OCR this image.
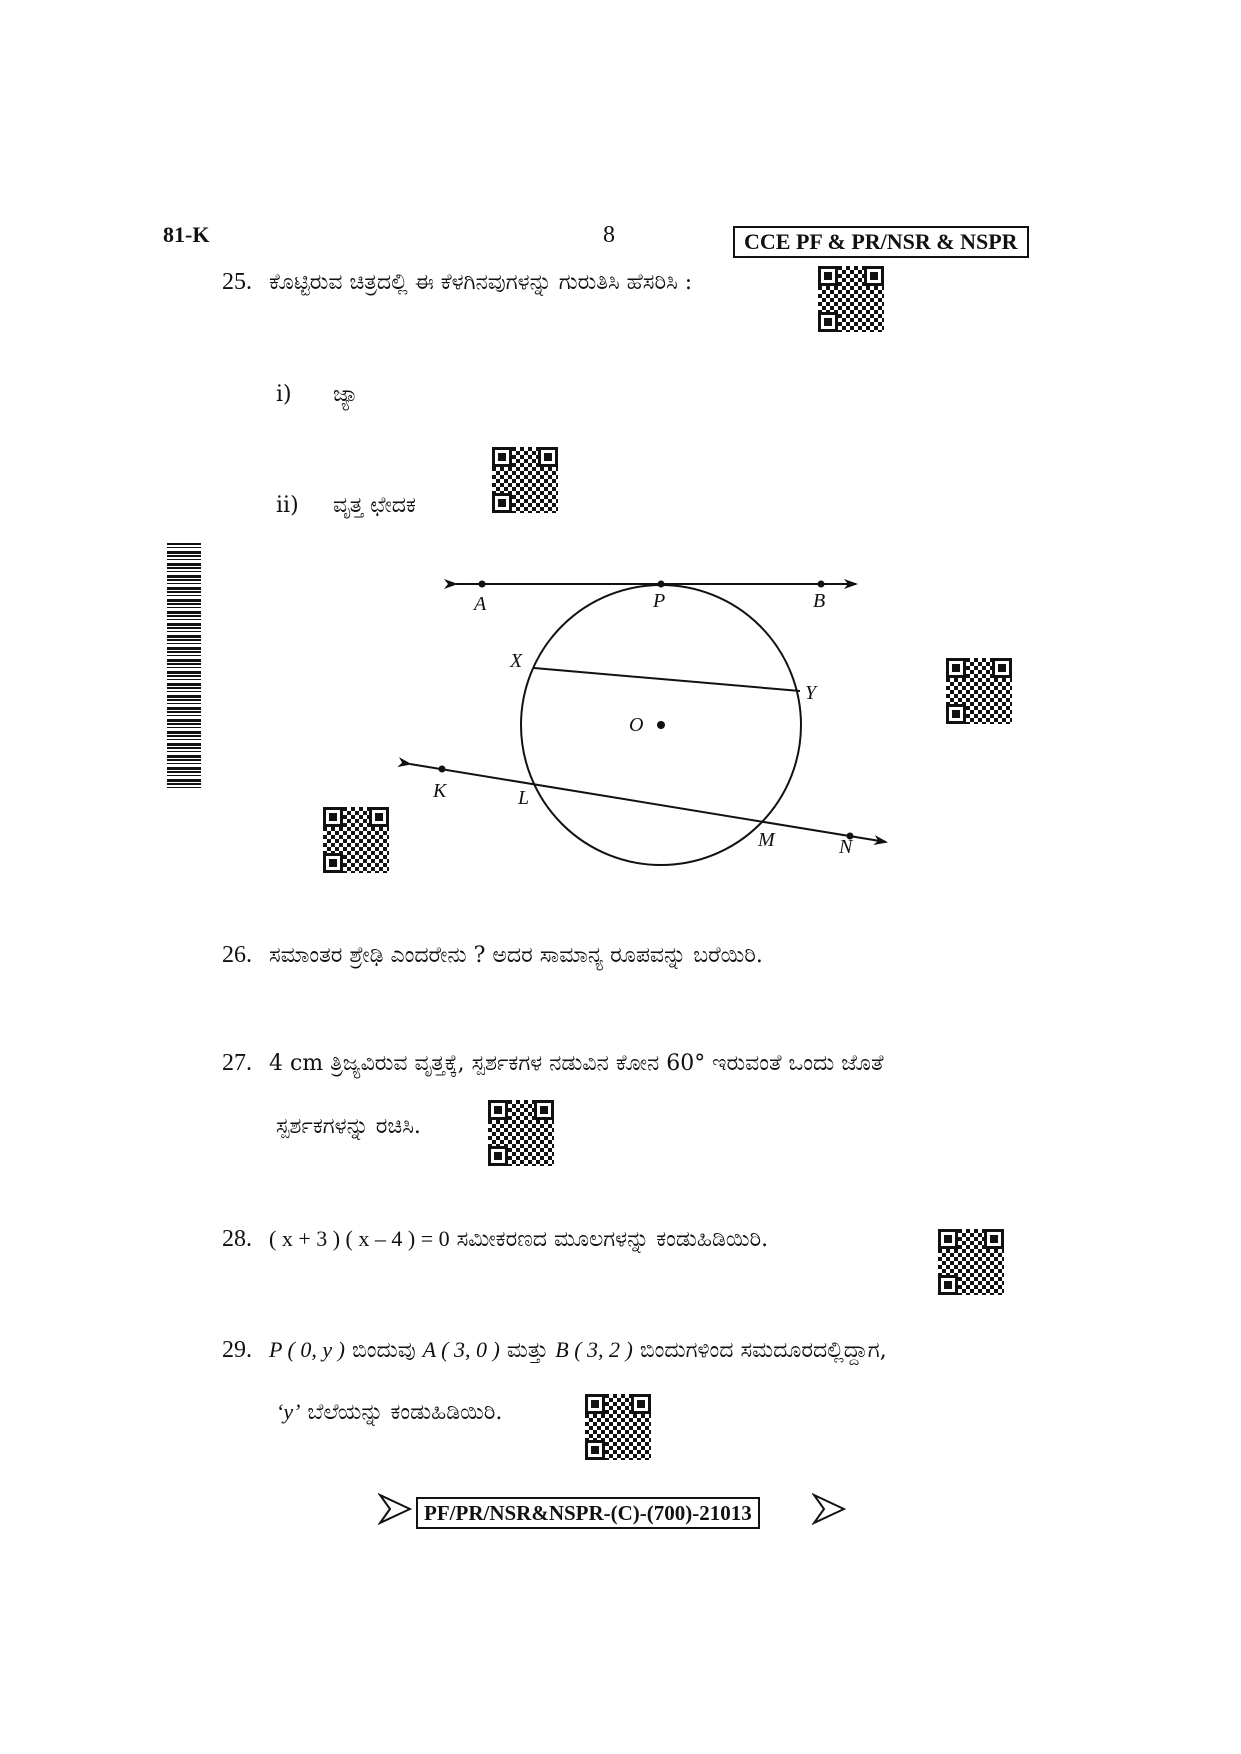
81-K	8	CCE PF & PR/NSR & NSPR
25. ಕೊಟ್ಟಿರುವ ಚಿತ್ರದಲ್ಲಿ ಈ ಕೆಳಗಿನವುಗಳನ್ನು ಗುರುತಿಸಿ ಹೆಸರಿಸಿ :
i) ಜ್ಯಾ
ii) ವೃತ್ತ ಛೇದಕ
A	P	B
X
Y
O
K	L
M	N
26. ಸಮಾಂತರ ಶ್ರೇಢಿ ಎಂದರೇನು ? ಅದರ ಸಾಮಾನ್ಯ ರೂಪವನ್ನು ಬರೆಯಿರಿ.
27. 4 cm ತ್ರಿಜ್ಯವಿರುವ ವೃತ್ತಕ್ಕೆ, ಸ್ಪರ್ಶಕಗಳ ನಡುವಿನ ಕೋನ 60° ಇರುವಂತೆ ಒಂದು ಜೊತೆ
ಸ್ಪರ್ಶಕಗಳನ್ನು ರಚಿಸಿ.
28. ( x + 3 ) ( x – 4 ) = 0 ಸಮೀಕರಣದ ಮೂಲಗಳನ್ನು ಕಂಡುಹಿಡಿಯಿರಿ.
29. P ( 0, y ) ಬಿಂದುವು A ( 3, 0 ) ಮತ್ತು B ( 3, 2 ) ಬಿಂದುಗಳಿಂದ ಸಮದೂರದಲ್ಲಿದ್ದಾಗ,
‘y’ ಬೆಲೆಯನ್ನು ಕಂಡುಹಿಡಿಯಿರಿ.
PF/PR/NSR&NSPR-(C)-(700)-21013
